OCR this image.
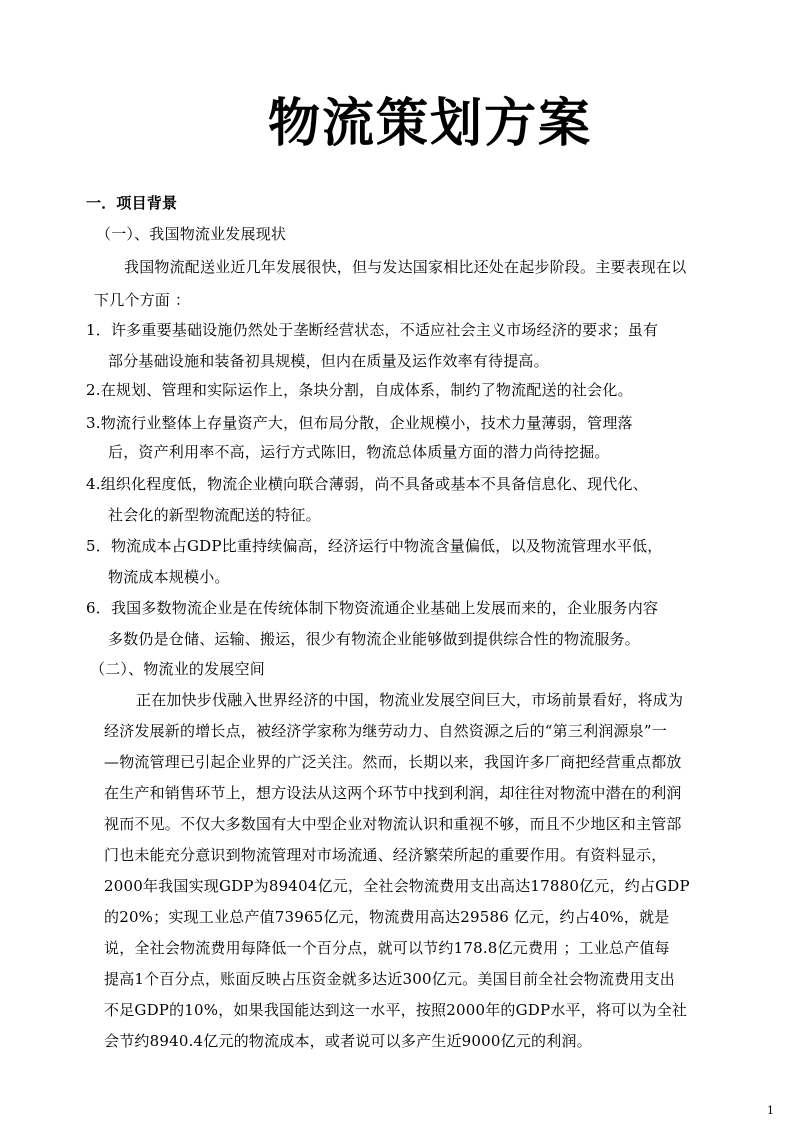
物流策划方案
一．项目背景
（一）、我国物流业发展现状
我国物流配送业近几年发展很快，但与发达国家相比还处在起步阶段。主要表现在以
下几个方面 ：
1．许多重要基础设施仍然处于垄断经营状态，不适应社会主义市场经济的要求；虽有
部分基础设施和装备初具规模，但内在质量及运作效率有待提高。
2.在规划、管理和实际运作上，条块分割，自成体系，制约了物流配送的社会化。
3.物流行业整体上存量资产大，但布局分散，企业规模小，技术力量薄弱，管理落
后，资产利用率不高，运行方式陈旧，物流总体质量方面的潜力尚待挖掘。
4.组织化程度低，物流企业横向联合薄弱，尚不具备或基本不具备信息化、现代化、
社会化的新型物流配送的特征。
5．物流成本占GDP比重持续偏高，经济运行中物流含量偏低，以及物流管理水平低，
物流成本规模小。
6．我国多数物流企业是在传统体制下物资流通企业基础上发展而来的，企业服务内容
多数仍是仓储、运输、搬运，很少有物流企业能够做到提供综合性的物流服务。
（二）、物流业的发展空间
正在加快步伐融入世界经济的中国，物流业发展空间巨大，市场前景看好，将成为
经济发展新的增长点，被经济学家称为继劳动力、自然资源之后的“第三利润源泉”一
—物流管理已引起企业界的广泛关注。然而，长期以来，我国许多厂商把经营重点都放
在生产和销售环节上，想方设法从这两个环节中找到利润，却往往对物流中潜在的利润
视而不见。不仅大多数国有大中型企业对物流认识和重视不够，而且不少地区和主管部
门也未能充分意识到物流管理对市场流通、经济繁荣所起的重要作用。有资料显示，
2000年我国实现GDP为89404亿元，全社会物流费用支出高达17880亿元，约占GDP
的20%；实现工业总产值73965亿元，物流费用高达29586 亿元，约占40%，就是
说，全社会物流费用每降低一个百分点，就可以节约178.8亿元费用 ；工业总产值每
提高1个百分点，账面反映占压资金就多达近300亿元。美国目前全社会物流费用支出
不足GDP的10%，如果我国能达到这一水平，按照2000年的GDP水平，将可以为全社
会节约8940.4亿元的物流成本，或者说可以多产生近9000亿元的利润。
1
